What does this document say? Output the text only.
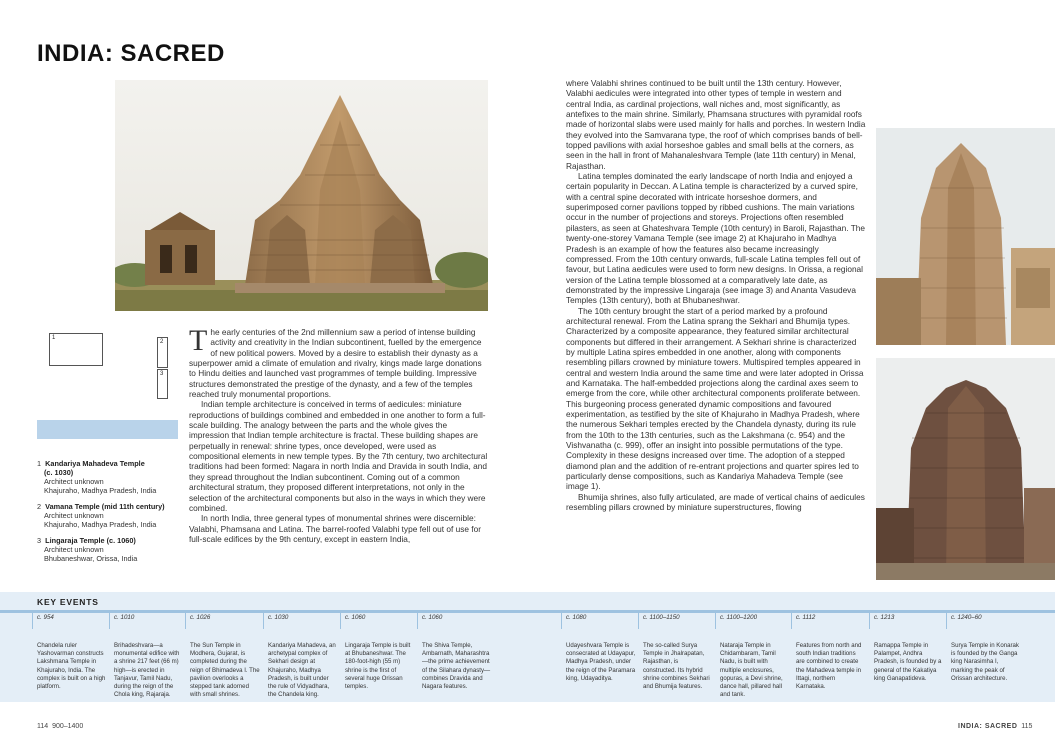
INDIA: SACRED
1
2
3
1 Kandariya Mahadeva Temple
(c. 1030)
Architect unknown
Khajuraho, Madhya Pradesh, India
2 Vamana Temple (mid 11th century)
Architect unknown
Khajuraho, Madhya Pradesh, India
3 Lingaraja Temple (c. 1060)
Architect unknown
Bhubaneshwar, Orissa, India

The early centuries of the 2nd millennium saw a period of intense building activity and creativity in the Indian subcontinent, fuelled by the emergence of new political powers. Moved by a desire to establish their dynasty as a superpower amid a climate of emulation and rivalry, kings made large donations to Hindu deities and launched vast programmes of temple building. Impressive structures demonstrated the prestige of the dynasty, and a few of the temples reached truly monumental proportions.

Indian temple architecture is conceived in terms of aedicules: miniature reproductions of buildings combined and embedded in one another to form a full-scale building. The analogy between the parts and the whole gives the impression that Indian temple architecture is fractal. These building shapes are perpetually in renewal: shrine types, once developed, were used as compositional elements in new temple types. By the 7th century, two architectural traditions had been formed: Nagara in north India and Dravida in south India, and they spread throughout the Indian subcontinent. Coming out of a common architectural stratum, they proposed different interpretations, not only in the selection of the architectural components but also in the ways in which they were combined.

In north India, three general types of monumental shrines were discernible: Valabhi, Phamsana and Latina. The barrel-roofed Valabhi type fell out of use for full-scale edifices by the 9th century, except in eastern India,

where Valabhi shrines continued to be built until the 13th century. However, Valabhi aedicules were integrated into other types of temple in western and central India, as cardinal projections, wall niches and, most significantly, as antefixes to the main shrine. Similarly, Phamsana structures with pyramidal roofs made of horizontal slabs were used mainly for halls and porches. In western India they evolved into the Samvarana type, the roof of which comprises bands of bell-topped pavilions with axial horseshoe gables and small bells at the corners, as seen in the hall in front of Mahanaleshvara Temple (late 11th century) in Menal, Rajasthan.

Latina temples dominated the early landscape of north India and enjoyed a certain popularity in Deccan. A Latina temple is characterized by a curved spire, with a central spine decorated with intricate horseshoe dormers, and superimposed corner pavilions topped by ribbed cushions. The main variations occur in the number of projections and storeys. Projections often resembled pilasters, as seen at Ghateshvara Temple (10th century) in Baroli, Rajasthan. The twenty-one-storey Vamana Temple (see image 2) at Khajuraho in Madhya Pradesh is an example of how the features also became increasingly compressed. From the 10th century onwards, full-scale Latina temples fell out of favour, but Latina aedicules were used to form new designs. In Orissa, a regional version of the Latina temple blossomed at a comparatively late date, as demonstrated by the impressive Lingaraja (see image 3) and Ananta Vasudeva Temples (13th century), both at Bhubaneshwar.

The 10th century brought the start of a period marked by a profound architectural renewal. From the Latina sprang the Sekhari and Bhumija types. Characterized by a composite appearance, they featured similar architectural components but differed in their arrangement. A Sekhari shrine is characterized by multiple Latina spires embedded in one another, along with components resembling pillars crowned by miniature towers. Multispired temples appeared in central and western India around the same time and were later adopted in Orissa and Karnataka. The half-embedded projections along the cardinal axes seem to emerge from the core, while other architectural components proliferate between. This burgeoning process generated dynamic compositions and favoured experimentation, as testified by the site of Khajuraho in Madhya Pradesh, where the numerous Sekhari temples erected by the Chandela dynasty, during its rule from the 10th to the 13th centuries, such as the Lakshmana (c. 954) and the Vishvanatha (c. 999), offer an insight into possible permutations of the type. Complexity in these designs increased over time. The adoption of a stepped diamond plan and the addition of re-entrant projections and quarter spires led to particularly dense compositions, such as Kandariya Mahadeva Temple (see image 1).

Bhumija shrines, also fully articulated, are made of vertical chains of aedicules resembling pillars crowned by miniature superstructures, flowing

KEY EVENTS
c. 954
Chandela ruler Yashovarman constructs Lakshmana Temple in Khajuraho, India. The complex is built on a high platform.
c. 1010
Brihadeshvara—a monumental edifice with a shrine 217 feet (66 m) high—is erected in Tanjavur, Tamil Nadu, during the reign of the Chola king, Rajaraja.
c. 1026
The Sun Temple in Modhera, Gujarat, is completed during the reign of Bhimadeva I. The pavilion overlooks a stepped tank adorned with small shrines.
c. 1030
Kandariya Mahadeva, an archetypal complex of Sekhari design at Khajuraho, Madhya Pradesh, is built under the rule of Vidyadhara, the Chandela king.
c. 1060
Lingaraja Temple is built at Bhubaneshwar. The 180-foot-high (55 m) shrine is the first of several huge Orissan temples.
c. 1060
The Shiva Temple, Ambarnath, Maharashtra—the prime achievement of the Silahara dynasty—combines Dravida and Nagara features.
c. 1080
Udayeshvara Temple is consecrated at Udayapur, Madhya Pradesh, under the reign of the Paramara king, Udayaditya.
c. 1100–1150
The so-called Surya Temple in Jhalrapatan, Rajasthan, is constructed. Its hybrid shrine combines Sekhari and Bhumija features.
c. 1100–1200
Nataraja Temple in Chidambaram, Tamil Nadu, is built with multiple enclosures, gopuras, a Devi shrine, dance hall, pillared hall and tank.
c. 1112
Features from north and south Indian traditions are combined to create the Mahadeva temple in Ittagi, northern Karnataka.
c. 1213
Ramappa Temple in Palampet, Andhra Pradesh, is founded by a general of the Kakatiya king Ganapatideva.
c. 1240–60
Surya Temple in Konarak is founded by the Ganga king Narasimha I, marking the peak of Orissan architecture.
114 900–1400	INDIA: SACRED 115
